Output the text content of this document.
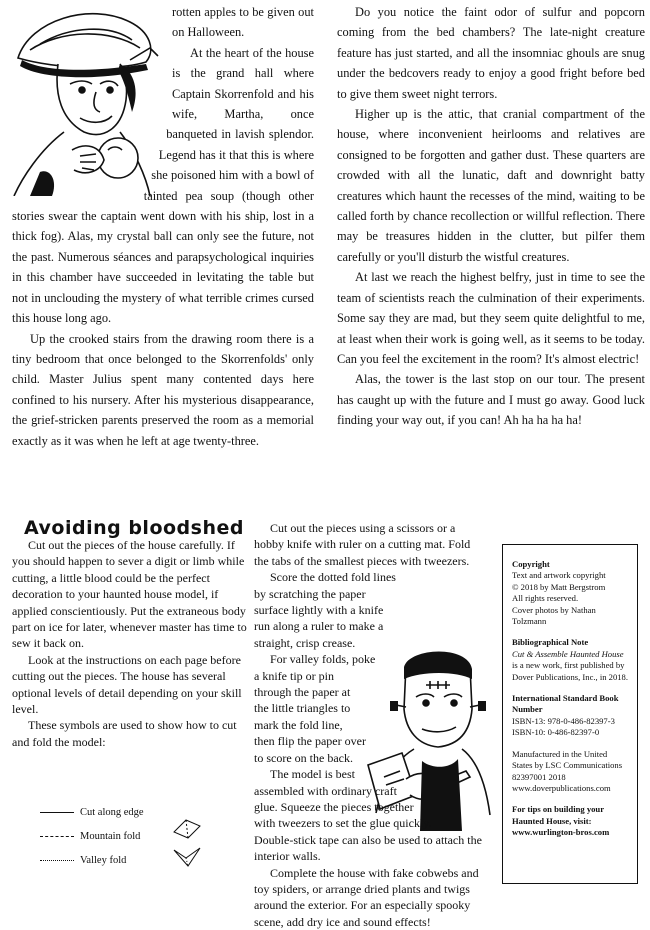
rotten apples to be given out on Halloween.

At the heart of the house is the grand hall where Captain Skorrenfold and his wife, Martha, once banqueted in lavish splendor. Legend has it that this is where she poisoned him with a bowl of tainted pea soup (though other stories swear the captain went down with his ship, lost in a thick fog). Alas, my crystal ball can only see the future, not the past. Numerous séances and parapsychological inquiries in this chamber have succeeded in levitating the table but not in unclouding the mystery of what terrible crimes cursed this house long ago.

Up the crooked stairs from the drawing room there is a tiny bedroom that once belonged to the Skorrenfolds' only child. Master Julius spent many contented days here confined to his nursery. After his mysterious disappearance, the grief-stricken parents preserved the room as a memorial exactly as it was when he left at age twenty-three.

Do you notice the faint odor of sulfur and popcorn coming from the bed chambers? The late-night creature feature has just started, and all the insomniac ghouls are snug under the bedcovers ready to enjoy a good fright before bed to give them sweet night terrors.

Higher up is the attic, that cranial compartment of the house, where inconvenient heirlooms and relatives are consigned to be forgotten and gather dust. These quarters are crowded with all the lunatic, daft and downright batty creatures which haunt the recesses of the mind, waiting to be called forth by chance recollection or willful reflection. There may be treasures hidden in the clutter, but pilfer them carefully or you'll disturb the wistful creatures.

At last we reach the highest belfry, just in time to see the team of scientists reach the culmination of their experiments. Some say they are mad, but they seem quite delightful to me, at least when their work is going well, as it seems to be today. Can you feel the excitement in the room? It's almost electric!

Alas, the tower is the last stop on our tour. The present has caught up with the future and I must go away. Good luck finding your way out, if you can! Ah ha ha ha ha!

Avoiding bloodshed

Cut out the pieces of the house carefully. If you should happen to sever a digit or limb while cutting, a little blood could be the perfect decoration to your haunted house model, if applied conscientiously. Put the extraneous body part on ice for later, whenever master has time to sew it back on.

Look at the instructions on each page before cutting out the pieces. The house has several optional levels of detail depending on your skill level.

These symbols are used to show how to cut and fold the model:

Cut along edge
Mountain fold
Valley fold

Cut out the pieces using a scissors or a hobby knife with ruler on a cutting mat. Fold the tabs of the smallest pieces with tweezers.

Score the dotted fold lines by scratching the paper surface lightly with a knife run along a ruler to make a straight, crisp crease.

For valley folds, poke a knife tip or pin through the paper at the little triangles to mark the fold line, then flip the paper over to score on the back.

The model is best assembled with ordinary craft glue. Squeeze the pieces together with tweezers to set the glue quickly. Double-stick tape can also be used to attach the interior walls.

Complete the house with fake cobwebs and toy spiders, or arrange dried plants and twigs around the exterior. For an especially spooky scene, add dry ice and sound effects!

Copyright
Text and artwork copyright
© 2018 by Matt Bergstrom
All rights reserved.
Cover photos by Nathan
Tolzmann
Bibliographical Note
Cut & Assemble Haunted House is a new work, first published by Dover Publications, Inc., in 2018.
International Standard Book Number
ISBN-13: 978-0-486-82397-3
ISBN-10: 0-486-82397-0
Manufactured in the United
States by LSC Communications
82397001 2018
www.doverpublications.com
For tips on building your Haunted House, visit:
www.wurlington-bros.com
